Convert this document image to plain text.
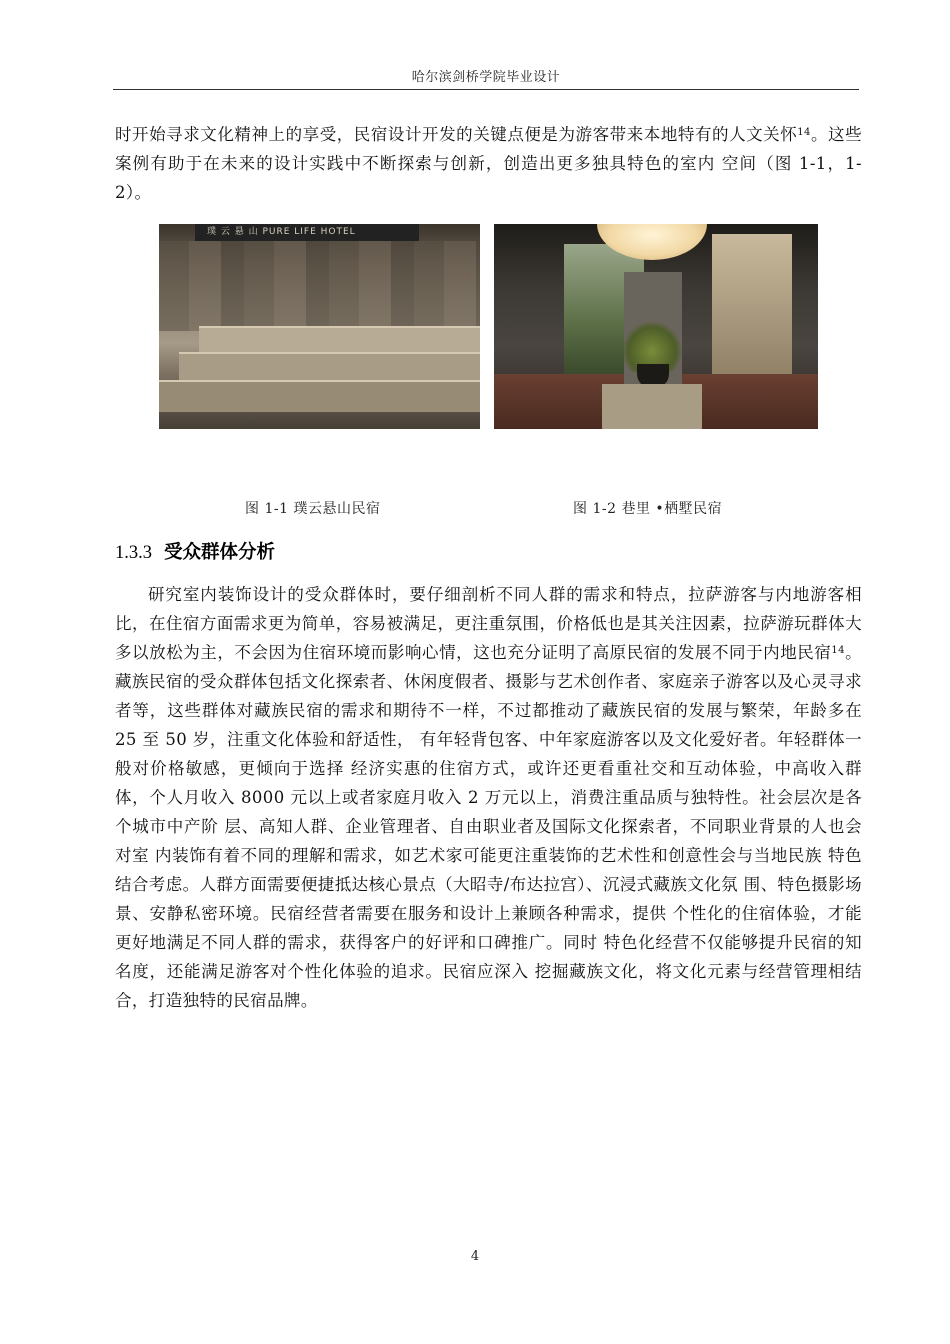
哈尔滨剑桥学院毕业设计

时开始寻求文化精神上的享受，民宿设计开发的关键点便是为游客带来本地特有的人文关怀$^{14}$。这些案例有助于在未来的设计实践中不断探索与创新，创造出更多独具特色的室内 空间（图 1-1，1-2）。

璞 云 悬 山 PURE LIFE HOTEL
图 1-1 璞云悬山民宿	图 1-2 巷里 •栖墅民宿
1.3.3 受众群体分析

研究室内装饰设计的受众群体时，要仔细剖析不同人群的需求和特点，拉萨游客与内地游客相比，在住宿方面需求更为简单，容易被满足，更注重氛围，价格低也是其关注因素，拉萨游玩群体大多以放松为主，不会因为住宿环境而影响心情，这也充分证明了高原民宿的发展不同于内地民宿$^{14}$。藏族民宿的受众群体包括文化探索者、休闲度假者、摄影与艺术创作者、家庭亲子游客以及心灵寻求者等，这些群体对藏族民宿的需求和期待不一样，不过都推动了藏族民宿的发展与繁荣，年龄多在 25 至 50 岁，注重文化体验和舒适性， 有年轻背包客、中年家庭游客以及文化爱好者。年轻群体一般对价格敏感，更倾向于选择 经济实惠的住宿方式，或许还更看重社交和互动体验，中高收入群体，个人月收入 8000 元以上或者家庭月收入 2 万元以上，消费注重品质与独特性。社会层次是各个城市中产阶 层、高知人群、企业管理者、自由职业者及国际文化探索者，不同职业背景的人也会对室 内装饰有着不同的理解和需求，如艺术家可能更注重装饰的艺术性和创意性会与当地民族 特色结合考虑。人群方面需要便捷抵达核心景点（大昭寺/布达拉宫）、沉浸式藏族文化氛 围、特色摄影场景、安静私密环境。民宿经营者需要在服务和设计上兼顾各种需求，提供 个性化的住宿体验，才能更好地满足不同人群的需求，获得客户的好评和口碑推广。同时 特色化经营不仅能够提升民宿的知名度，还能满足游客对个性化体验的追求。民宿应深入 挖掘藏族文化，将文化元素与经营管理相结合，打造独特的民宿品牌。

4
